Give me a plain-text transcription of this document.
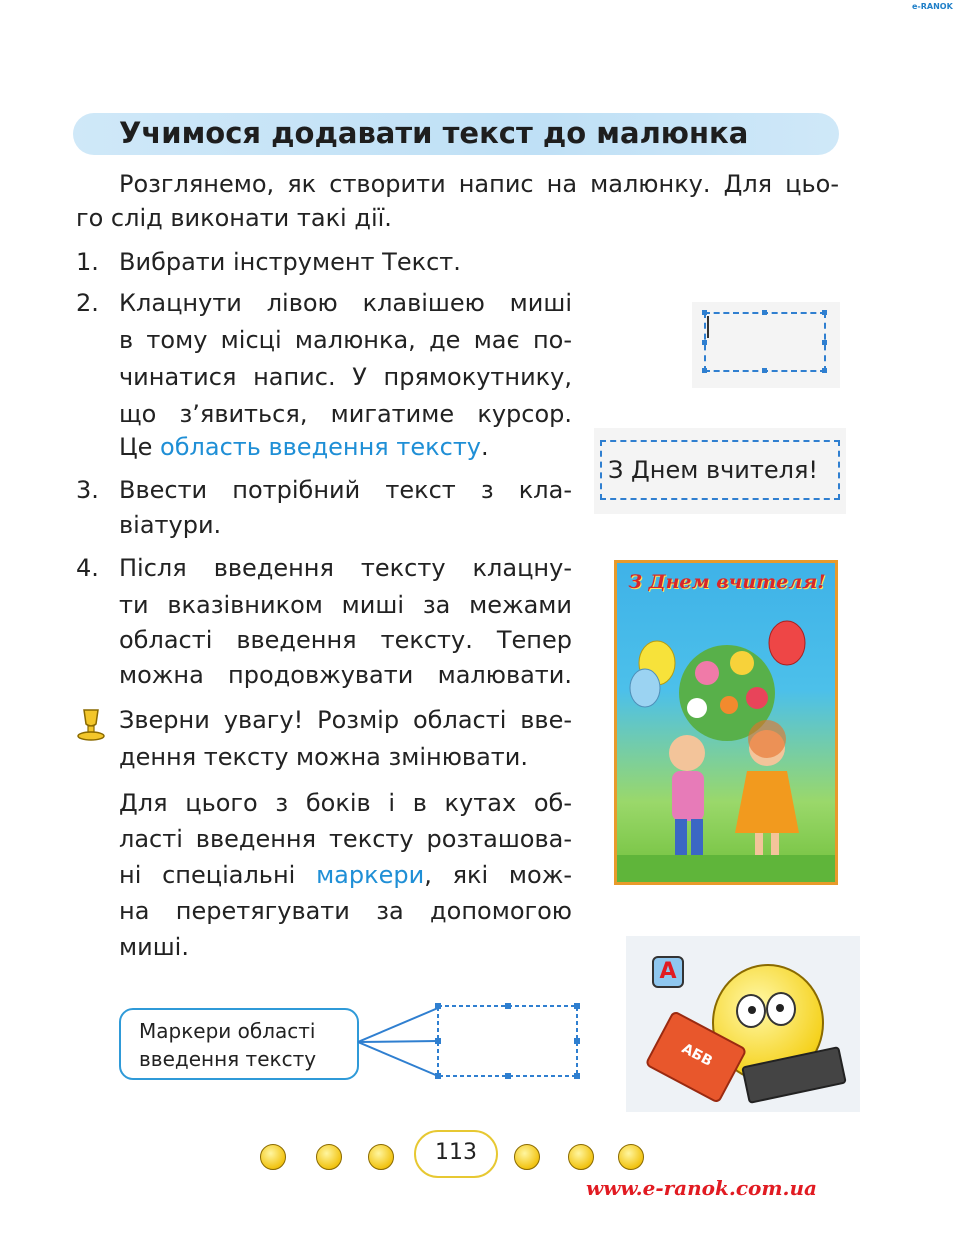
e-RANOK
Учимося додавати текст до малюнка
Розглянемо, як створити напис на малюнку. Для цьо-
го слід виконати такі дії.
1. Вибрати інструмент Текст.
2. Клацнути лівою клавішею миші
в тому місці малюнка, де має по-
чинатися напис. У прямокутнику,
що з’явиться, мигатиме курсор.
Це область введення тексту.
3. Ввести потрібний текст з кла-
віатури.
4. Після введення тексту клацну-
ти вказівником миші за межами
області введення тексту. Тепер
можна продовжувати малювати.
Зверни увагу! Розмір області вве-
дення тексту можна змінювати.
Для цього з боків і в кутах об-
ласті введення тексту розташова-
ні спеціальні маркери, які мож-
на перетягувати за допомогою
миші.
З Днем вчителя!
З Днем вчителя!
A
АБВ
Маркери області
введення тексту
113
www.e-ranok.com.ua
